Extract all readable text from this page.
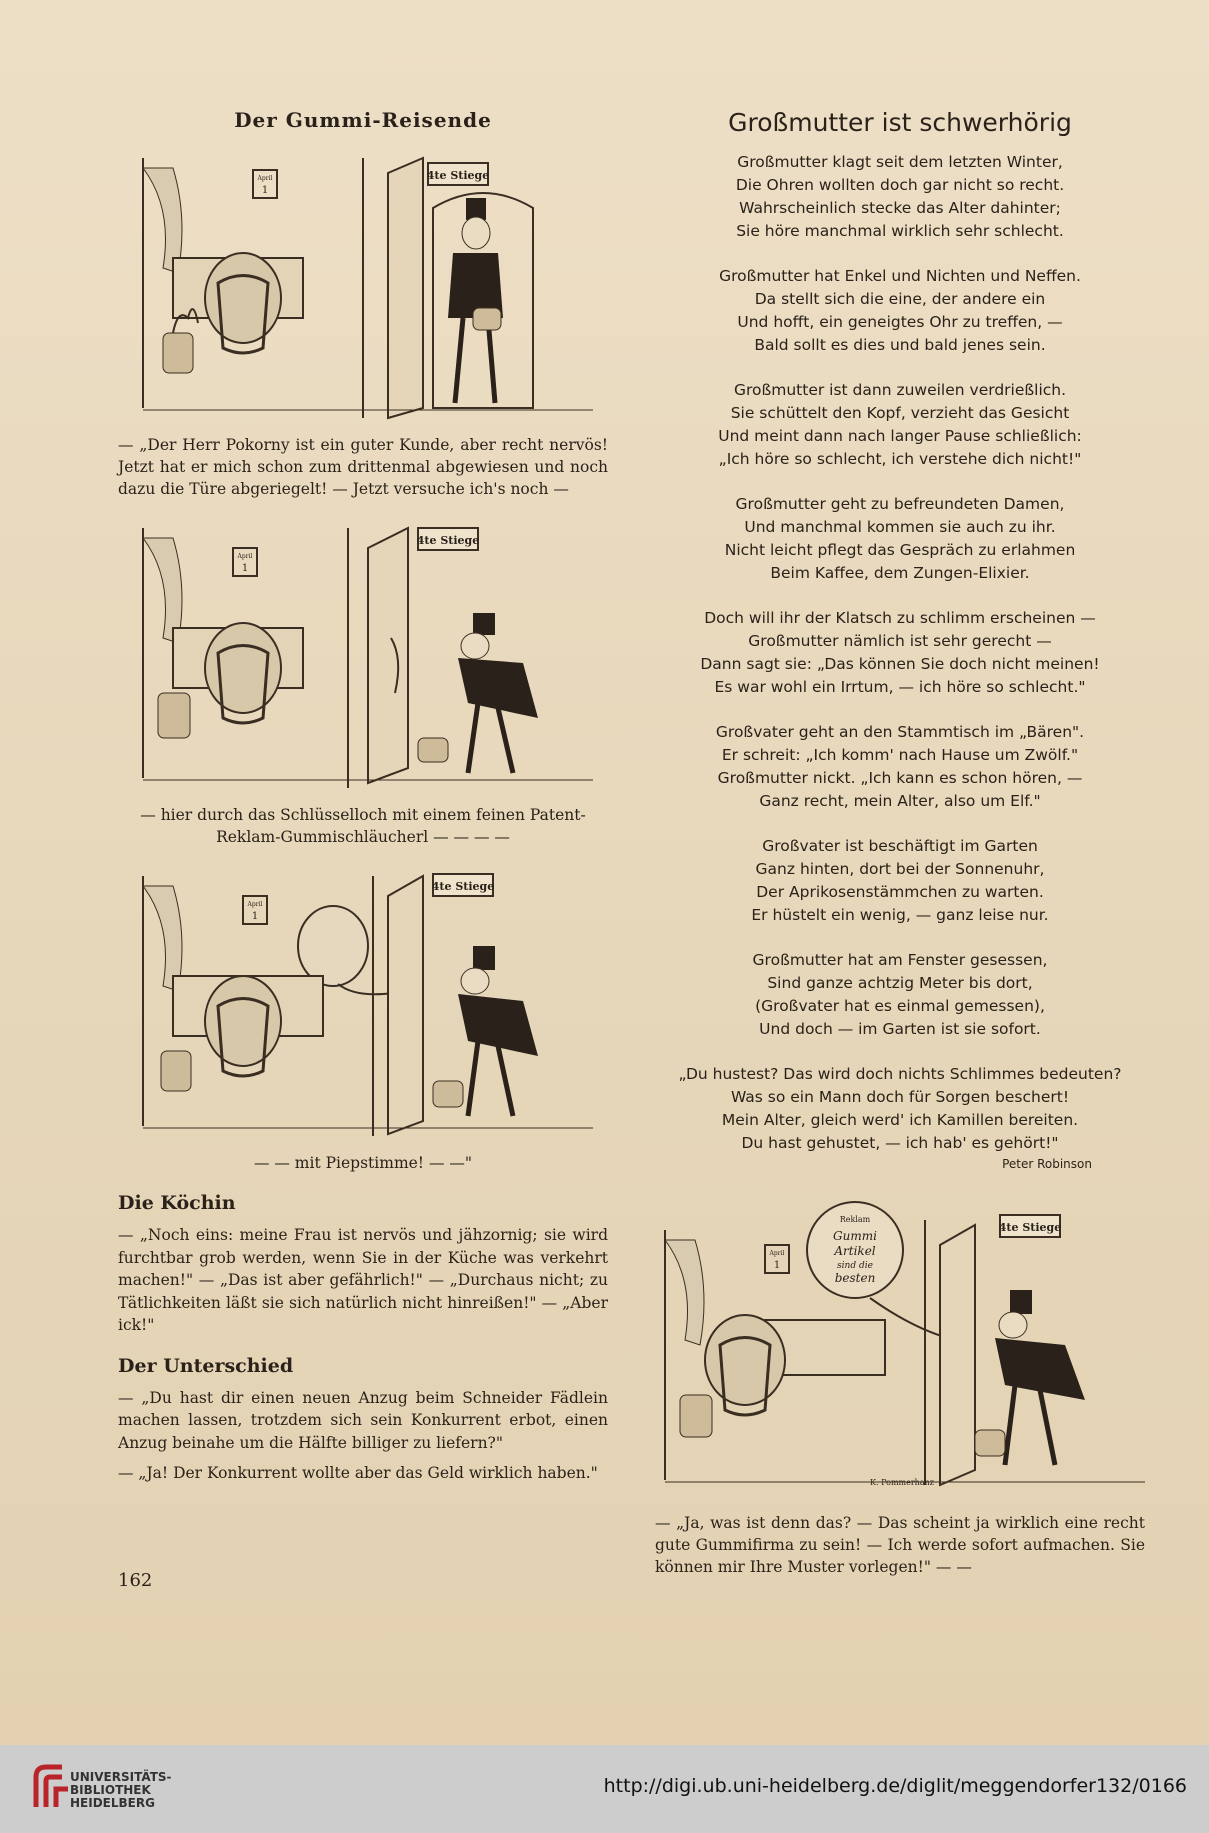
Der Gummi-Reisende
April
1
4te Stiege
— „Der Herr Pokorny ist ein guter Kunde, aber recht nervös! Jetzt hat er mich schon zum drittenmal abgewiesen und noch dazu die Türe abgeriegelt! — Jetzt versuche ich's noch —
April
1
4te Stiege
— hier durch das Schlüsselloch mit einem feinen Patent-Reklam-Gummischläucherl — — — —
April
1
4te Stiege
— — mit Piepstimme! — —"
Die Köchin
— „Noch eins: meine Frau ist nervös und jähzornig; sie wird furchtbar grob werden, wenn Sie in der Küche was verkehrt machen!" — „Das ist aber gefährlich!" — „Durchaus nicht; zu Tätlichkeiten läßt sie sich natürlich nicht hinreißen!" — „Aber ick!"
Der Unterschied
— „Du hast dir einen neuen Anzug beim Schneider Fädlein machen lassen, trotzdem sich sein Konkurrent erbot, einen Anzug beinahe um die Hälfte billiger zu liefern?"
— „Ja! Der Konkurrent wollte aber das Geld wirklich haben."
162
Großmutter ist schwerhörig
Großmutter klagt seit dem letzten Winter,
Die Ohren wollten doch gar nicht so recht.
Wahrscheinlich stecke das Alter dahinter;
Sie höre manchmal wirklich sehr schlecht.
Großmutter hat Enkel und Nichten und Neffen.
Da stellt sich die eine, der andere ein
Und hofft, ein geneigtes Ohr zu treffen, —
Bald sollt es dies und bald jenes sein.
Großmutter ist dann zuweilen verdrießlich.
Sie schüttelt den Kopf, verzieht das Gesicht
Und meint dann nach langer Pause schließlich:
„Ich höre so schlecht, ich verstehe dich nicht!"
Großmutter geht zu befreundeten Damen,
Und manchmal kommen sie auch zu ihr.
Nicht leicht pflegt das Gespräch zu erlahmen
Beim Kaffee, dem Zungen-Elixier.
Doch will ihr der Klatsch zu schlimm erscheinen —
Großmutter nämlich ist sehr gerecht —
Dann sagt sie: „Das können Sie doch nicht meinen!
Es war wohl ein Irrtum, — ich höre so schlecht."
Großvater geht an den Stammtisch im „Bären".
Er schreit: „Ich komm' nach Hause um Zwölf."
Großmutter nickt. „Ich kann es schon hören, —
Ganz recht, mein Alter, also um Elf."
Großvater ist beschäftigt im Garten
Ganz hinten, dort bei der Sonnenuhr,
Der Aprikosenstämmchen zu warten.
Er hüstelt ein wenig, — ganz leise nur.
Großmutter hat am Fenster gesessen,
Sind ganze achtzig Meter bis dort,
(Großvater hat es einmal gemessen),
Und doch — im Garten ist sie sofort.
„Du hustest? Das wird doch nichts Schlimmes bedeuten?
Was so ein Mann doch für Sorgen beschert!
Mein Alter, gleich werd' ich Kamillen bereiten.
Du hast gehustet, — ich hab' es gehört!"
Peter Robinson
April
1
Reklam
Gummi
Artikel
sind die
besten
4te Stiege
K. Pommerhanz
— „Ja, was ist denn das? — Das scheint ja wirklich eine recht gute Gummifirma zu sein! — Ich werde sofort aufmachen. Sie können mir Ihre Muster vorlegen!" — —
UNIVERSITÄTS-
BIBLIOTHEK
HEIDELBERG
http://digi.ub.uni-heidelberg.de/diglit/meggendorfer132/0166
